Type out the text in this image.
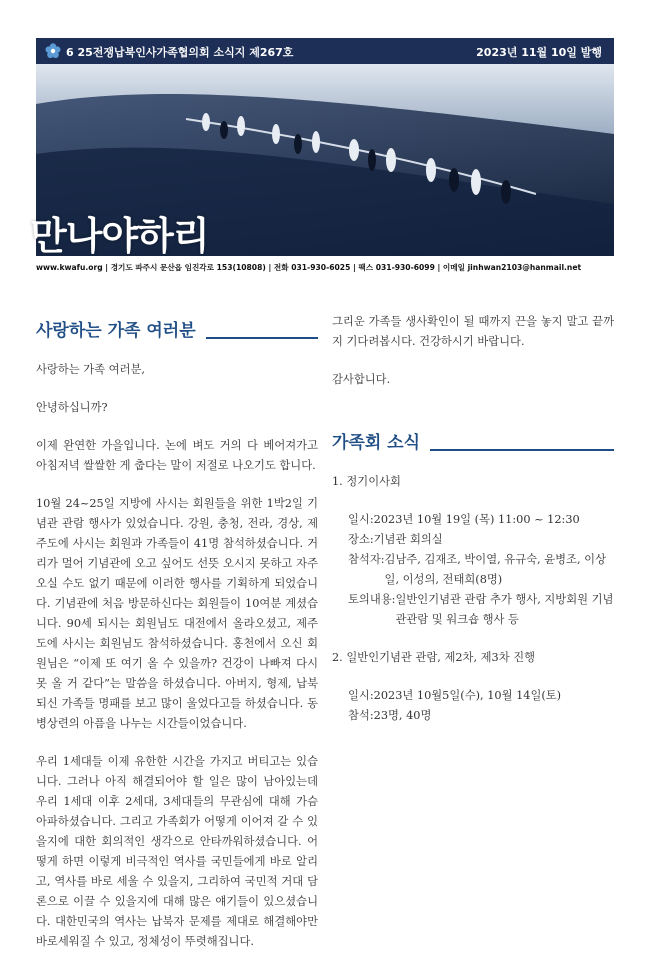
6 25전쟁납북인사가족협의회 소식지 제267호	2023년 11월 10일 발행
만나야하리
www.kwafu.org | 경기도 파주시 문산읍 임진각로 153(10808) | 전화 031-930-6025 | 팩스 031-930-6099 | 이메일 jinhwan2103@hanmail.net
사랑하는 가족 여러분

사랑하는 가족 여러분,

안녕하십니까?

이제 완연한 가을입니다. 논에 벼도 거의 다 베어져가고 아침저녁 쌀쌀한 게 춥다는 말이 저절로 나오기도 합니다.

10월 24~25일 지방에 사시는 회원들을 위한 1박2일 기념관 관람 행사가 있었습니다. 강원, 충청, 전라, 경상, 제주도에 사시는 회원과 가족들이 41명 참석하셨습니다. 거리가 멀어 기념관에 오고 싶어도 선뜻 오시지 못하고 자주 오실 수도 없기 때문에 이러한 행사를 기획하게 되었습니다. 기념관에 처음 방문하신다는 회원들이 10여분 계셨습니다. 90세 되시는 회원님도 대전에서 올라오셨고, 제주도에 사시는 회원님도 참석하셨습니다. 홍천에서 오신 회원님은 “이제 또 여기 올 수 있을까? 건강이 나빠져 다시 못 올 거 같다”는 말씀을 하셨습니다. 아버지, 형제, 납북되신 가족들 명패를 보고 많이 울었다고들 하셨습니다. 동병상련의 아픔을 나누는 시간들이었습니다.

우리 1세대들 이제 유한한 시간을 가지고 버티고는 있습니다. 그러나 아직 해결되어야 할 일은 많이 남아있는데 우리 1세대 이후 2세대, 3세대들의 무관심에 대해 가슴 아파하셨습니다. 그리고 가족회가 어떻게 이어져 갈 수 있을지에 대한 회의적인 생각으로 안타까워하셨습니다. 어떻게 하면 이렇게 비극적인 역사를 국민들에게 바로 알리고, 역사를 바로 세울 수 있을지, 그리하여 국민적 거대 담론으로 이끌 수 있을지에 대해 많은 얘기들이 있으셨습니다. 대한민국의 역사는 납북자 문제를 제대로 해결해야만 바로세워질 수 있고, 정체성이 뚜렷해집니다.

그리운 가족들 생사확인이 될 때까지 끈을 놓지 말고 끝까지 기다려봅시다. 건강하시기 바랍니다.

감사합니다.

가족회 소식

1. 정기이사회

일시: 2023년 10월 19일 (목) 11:00 ~ 12:30
장소: 기념관 회의실
참석자: 김남주, 김재조, 박이열, 유규숙, 윤병조, 이상일, 이성의, 전태희(8명)
토의내용: 일반인기념관 관람 추가 행사, 지방회원 기념관관람 및 워크숍 행사 등

2. 일반인기념관 관람, 제2차, 제3차 진행

일시: 2023년 10월5일(수), 10월 14일(토)
참석: 23명, 40명
